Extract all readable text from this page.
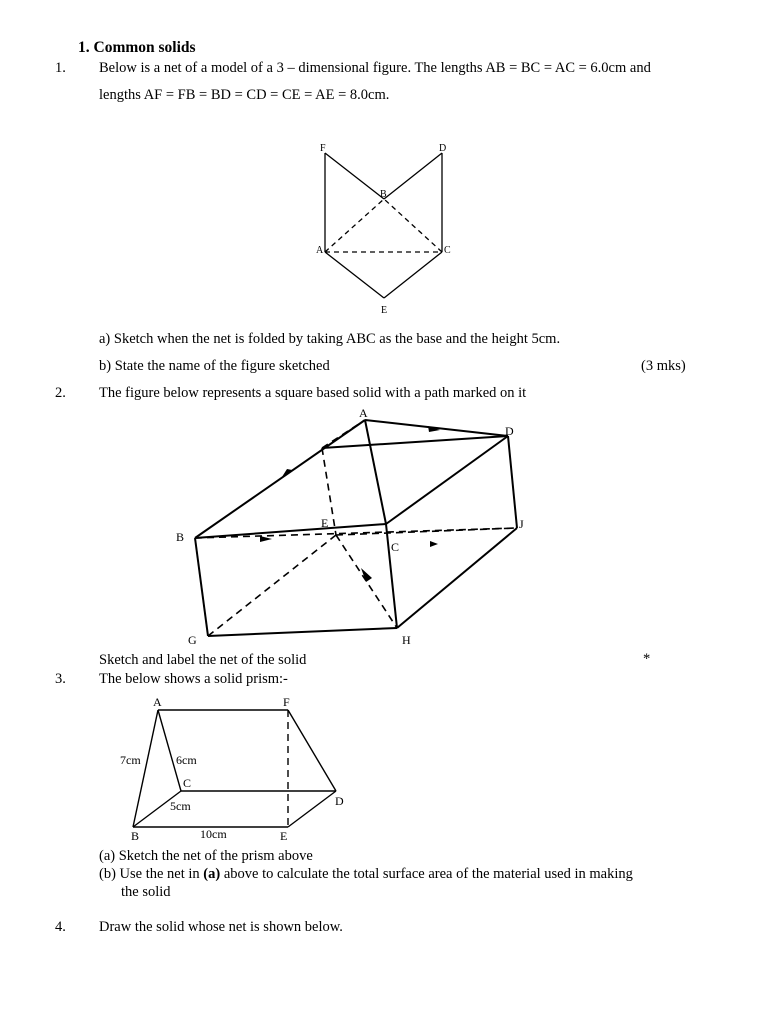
1. Common solids
1. Below is a net of a model of a 3 – dimensional figure. The lengths AB = BC = AC = 6.0cm and
lengths AF = FB = BD = CD = CE = AE = 8.0cm.
F	D
B
A	C
E
a) Sketch when the net is folded by taking ABC as the base and the height 5cm.
b) State the name of the figure sketched	(3 mks)
2. The figure below represents a square based solid with a path marked on it
A
D
B
E	J
C
G	H
Sketch and label the net of the solid	*
3. The below shows a solid prism:-
A	F
C
D
B	E
7cm	6cm
5cm
10cm
(a) Sketch the net of the prism above
(b) Use the net in (a) above to calculate the total surface area of the material used in making
the solid
4. Draw the solid whose net is shown below.
